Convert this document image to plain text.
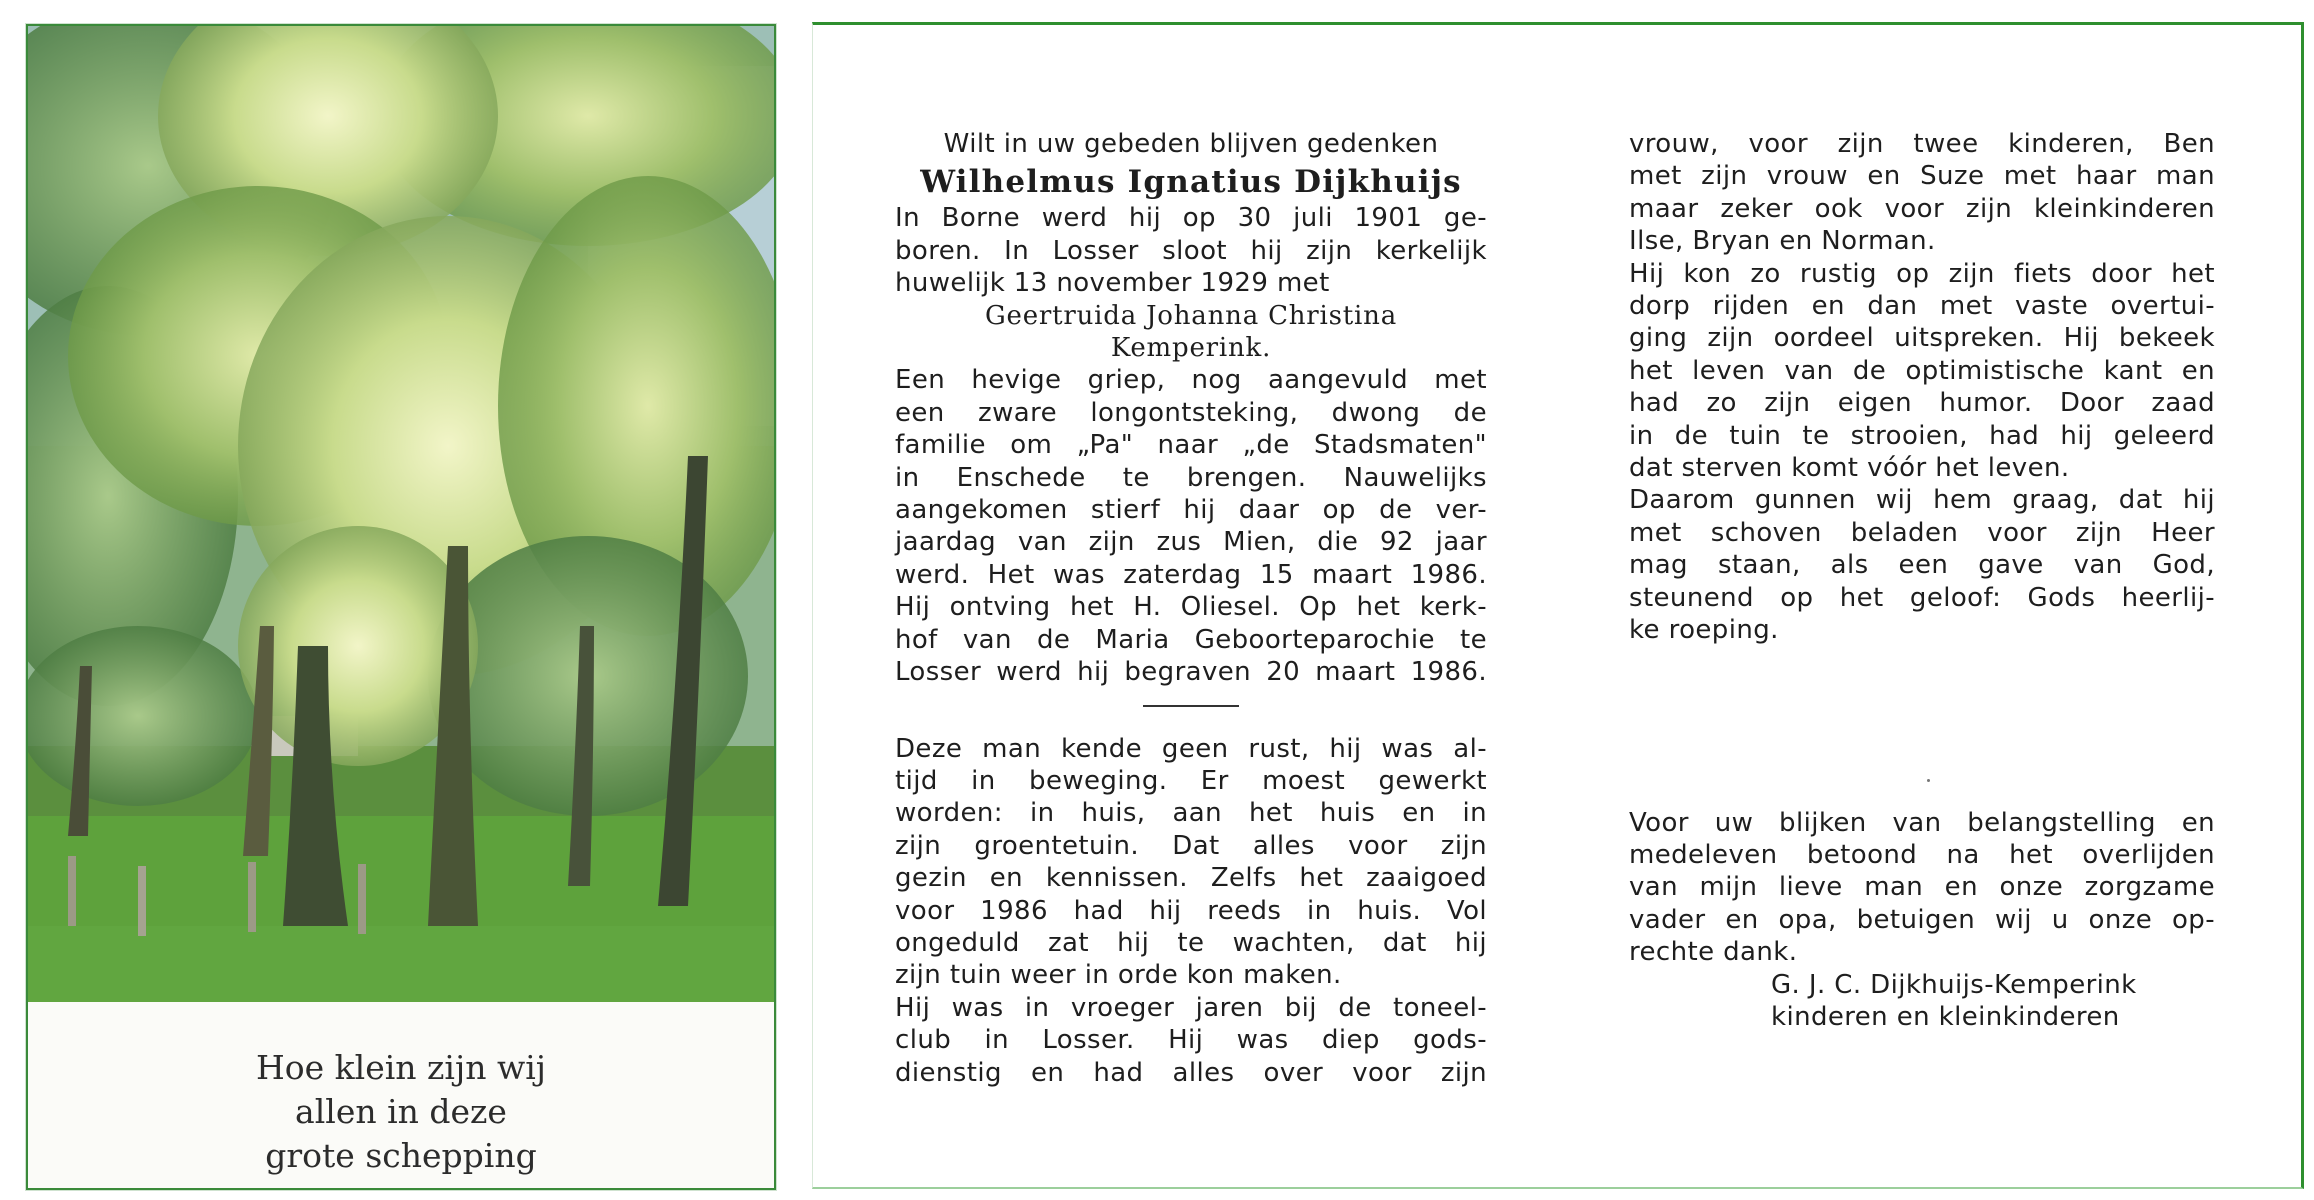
Hoe klein zijn wij
allen in deze
grote schepping
Wilt in uw gebeden blijven gedenken
Wilhelmus Ignatius Dijkhuijs
In Borne werd hij op 30 juli 1901 ge-
boren. In Losser sloot hij zijn kerkelijk
huwelijk 13 november 1929 met
Geertruida Johanna Christina
Kemperink.
Een hevige griep, nog aangevuld met
een zware longontsteking, dwong de
familie om „Pa" naar „de Stadsmaten"
in Enschede te brengen. Nauwelijks
aangekomen stierf hij daar op de ver-
jaardag van zijn zus Mien, die 92 jaar
werd. Het was zaterdag 15 maart 1986.
Hij ontving het H. Oliesel. Op het kerk-
hof van de Maria Geboorteparochie te
Losser werd hij begraven 20 maart 1986.
Deze man kende geen rust, hij was al-
tijd in beweging. Er moest gewerkt
worden: in huis, aan het huis en in
zijn groentetuin. Dat alles voor zijn
gezin en kennissen. Zelfs het zaaigoed
voor 1986 had hij reeds in huis. Vol
ongeduld zat hij te wachten, dat hij
zijn tuin weer in orde kon maken.
Hij was in vroeger jaren bij de toneel-
club in Losser. Hij was diep gods-
dienstig en had alles over voor zijn
vrouw, voor zijn twee kinderen, Ben
met zijn vrouw en Suze met haar man
maar zeker ook voor zijn kleinkinderen
Ilse, Bryan en Norman.
Hij kon zo rustig op zijn fiets door het
dorp rijden en dan met vaste overtui-
ging zijn oordeel uitspreken. Hij bekeek
het leven van de optimistische kant en
had zo zijn eigen humor. Door zaad
in de tuin te strooien, had hij geleerd
dat sterven komt vóór het leven.
Daarom gunnen wij hem graag, dat hij
met schoven beladen voor zijn Heer
mag staan, als een gave van God,
steunend op het geloof: Gods heerlij-
ke roeping.
Voor uw blijken van belangstelling en
medeleven betoond na het overlijden
van mijn lieve man en onze zorgzame
vader en opa, betuigen wij u onze op-
rechte dank.
G. J. C. Dijkhuijs-Kemperink
kinderen en kleinkinderen
